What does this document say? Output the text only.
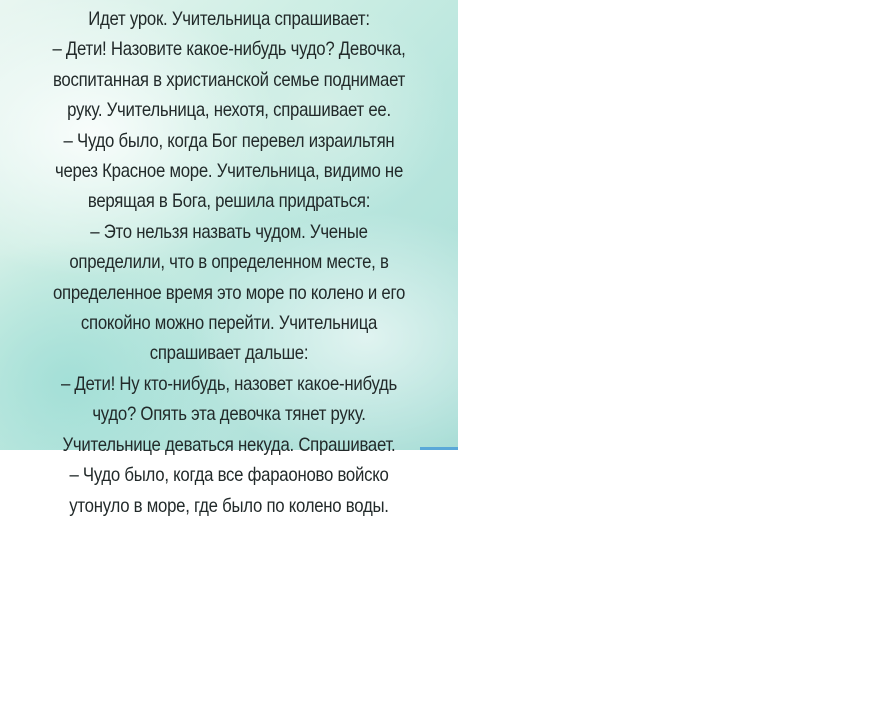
Идет урок. Учительница спрашивает:
– Дети! Назовите какое-нибудь чудо? Девочка,
воспитанная в христианской семье поднимает
руку. Учительница, нехотя, спрашивает ее.
– Чудо было, когда Бог перевел израильтян
через Красное море. Учительница, видимо не
верящая в Бога, решила придраться:
– Это нельзя назвать чудом. Ученые
определили, что в определенном месте, в
определенное время это море по колено и его
спокойно можно перейти. Учительница
спрашивает дальше:
– Дети! Ну кто-нибудь, назовет какое-нибудь
чудо? Опять эта девочка тянет руку.
Учительнице деваться некуда. Спрашивает.
– Чудо было, когда все фараоново войско
утонуло в море, где было по колено воды.
